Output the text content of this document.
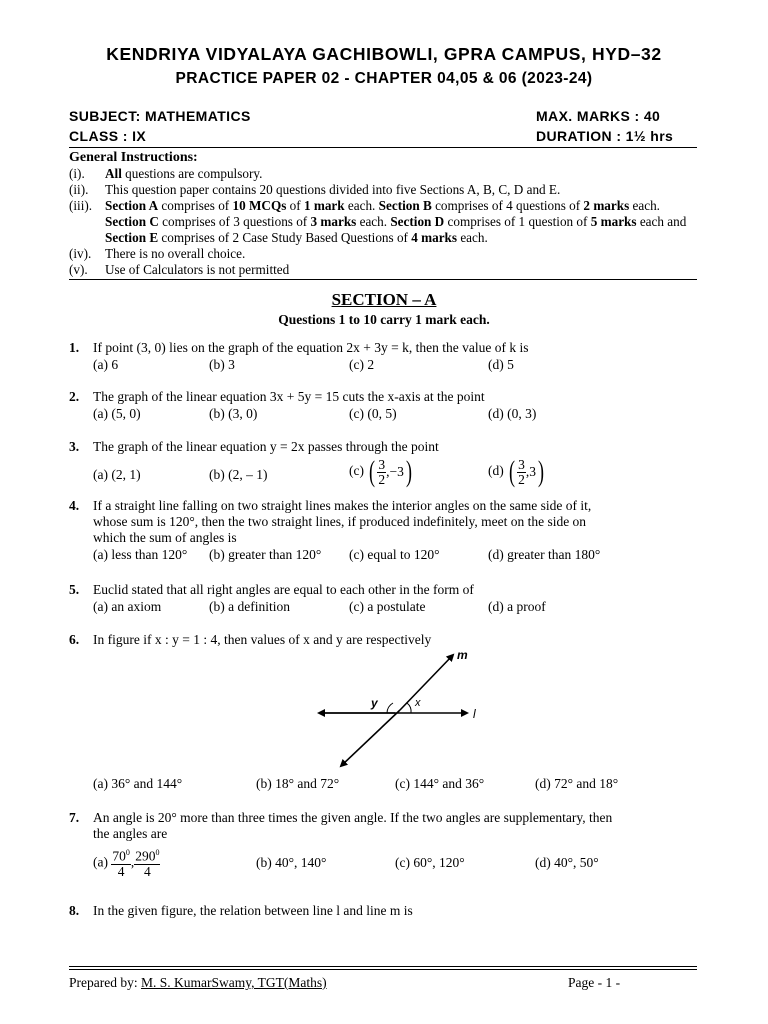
KENDRIYA VIDYALAYA GACHIBOWLI, GPRA CAMPUS, HYD–32
PRACTICE PAPER 02 - CHAPTER 04,05 & 06 (2023-24)
SUBJECT: MATHEMATICS	MAX. MARKS : 40
CLASS : IX	DURATION : 1½ hrs
General Instructions:
(i). All questions are compulsory.
(ii). This question paper contains 20 questions divided into five Sections A, B, C, D and E.
(iii). Section A comprises of 10 MCQs of 1 mark each. Section B comprises of 4 questions of 2 marks each. Section C comprises of 3 questions of 3 marks each. Section D comprises of 1 question of 5 marks each and Section E comprises of 2 Case Study Based Questions of 4 marks each.
(iv). There is no overall choice.
(v). Use of Calculators is not permitted
SECTION – A
Questions 1 to 10 carry 1 mark each.
1. If point (3, 0) lies on the graph of the equation 2x + 3y = k, then the value of k is
(a) 6	(b) 3	(c) 2	(d) 5
2. The graph of the linear equation 3x + 5y = 15 cuts the x-axis at the point
(a) (5, 0)	(b) (3, 0)	(c) (0, 5)	(d) (0, 3)
3. The graph of the linear equation y = 2x passes through the point
(a) (2, 1)	(b) (2, – 1)	(c) ( $\frac{3}{2} ,-3$)	(d) ( $\frac{3}{2} ,3$)
4. If a straight line falling on two straight lines makes the interior angles on the same side of it,
whose sum is 120°, then the two straight lines, if produced indefinitely, meet on the side on
which the sum of angles is
(a) less than 120° (b) greater than 120° (c) equal to 120°	(d) greater than 180°
5. Euclid stated that all right angles are equal to each other in the form of
(a) an axiom	(b) a definition	(c) a postulate	(d) a proof
6. In figure if x : y = 1 : 4, then values of x and y are respectively
m
l
x
y
(a) 36° and 144°	(b) 18° and 72°	(c) 144° and 36°	(d) 72° and 18°
7. An angle is 20° more than three times the given angle. If the two angles are supplementary, then
the angles are
$(a) \frac{70^0}{4}$ , $\frac{290^0}{4}$	(b) 40°, 140°	(c) 60°, 120°	(d) 40°, 50°
8. In the given figure, the relation between line l and line m is
Prepared by: M. S. KumarSwamy, TGT(Maths)	Page - 1 -
